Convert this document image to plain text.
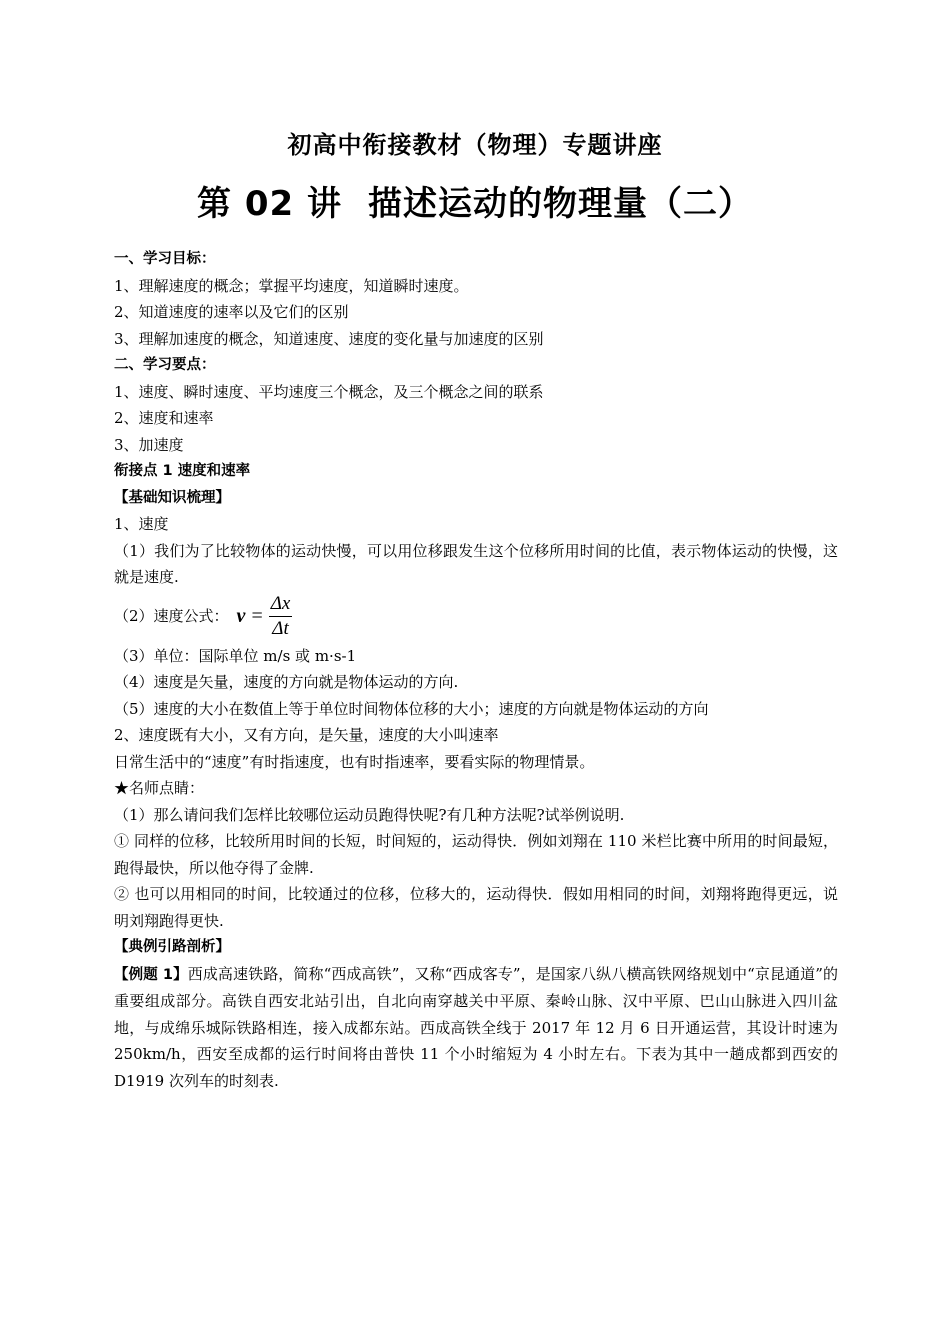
初高中衔接教材（物理）专题讲座
第 02 讲 描述运动的物理量（二）

一、学习目标：

1、理解速度的概念；掌握平均速度，知道瞬时速度。

2、知道速度的速率以及它们的区别

3、理解加速度的概念，知道速度、速度的变化量与加速度的区别

二、学习要点：

1、速度、瞬时速度、平均速度三个概念，及三个概念之间的联系

2、速度和速率

3、加速度

衔接点 1 速度和速率

【基础知识梳理】

1、速度

（1）我们为了比较物体的运动快慢，可以用位移跟发生这个位移所用时间的比值，表示物体运动的快慢，这就是速度.

（2）速度公式： $v = \frac{\Delta x}{\Delta t}$

（3）单位：国际单位 m/s 或 m·s-1

（4）速度是矢量，速度的方向就是物体运动的方向.

（5）速度的大小在数值上等于单位时间物体位移的大小；速度的方向就是物体运动的方向

2、速度既有大小，又有方向，是矢量，速度的大小叫速率

日常生活中的“速度”有时指速度，也有时指速率，要看实际的物理情景。

★名师点睛：

（1）那么请问我们怎样比较哪位运动员跑得快呢?有几种方法呢?试举例说明.

① 同样的位移，比较所用时间的长短，时间短的，运动得快．例如刘翔在 110 米栏比赛中所用的时间最短，跑得最快，所以他夺得了金牌.

② 也可以用相同的时间，比较通过的位移，位移大的，运动得快．假如用相同的时间，刘翔将跑得更远，说明刘翔跑得更快.

【典例引路剖析】

【例题 1】西成高速铁路，简称“西成高铁”，又称“西成客专”，是国家八纵八横高铁网络规划中“京昆通道”的重要组成部分。高铁自西安北站引出，自北向南穿越关中平原、秦岭山脉、汉中平原、巴山山脉进入四川盆地，与成绵乐城际铁路相连，接入成都东站。西成高铁全线于 2017 年 12 月 6 日开通运营，其设计时速为 250km/h，西安至成都的运行时间将由普快 11 个小时缩短为 4 小时左右。下表为其中一趟成都到西安的 D1919 次列车的时刻表.
